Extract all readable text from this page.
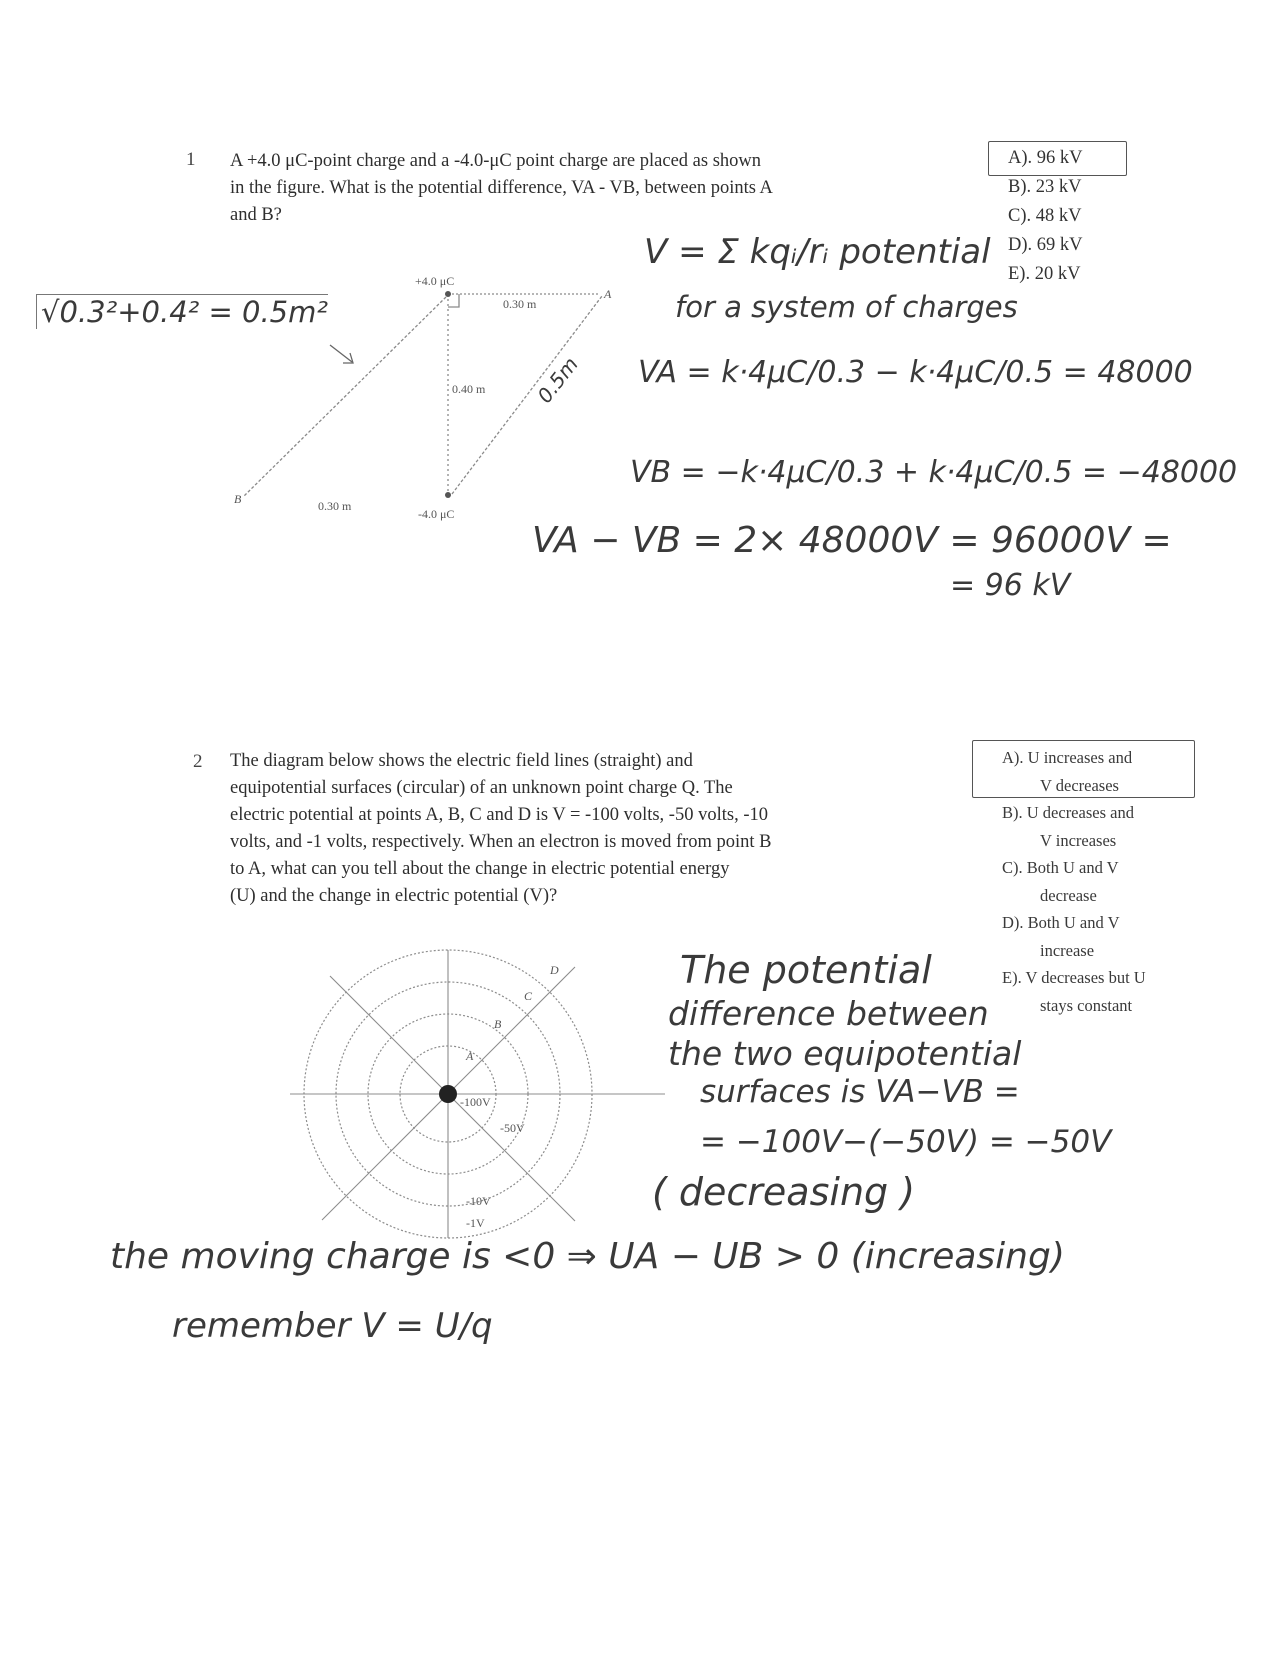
1 A +4.0 μC-point charge and a -4.0-μC point charge are placed as shown
in the figure. What is the potential difference, VA - VB, between points A
and B?
A). 96 kV
B). 23 kV
C). 48 kV
D). 69 kV
E). 20 kV
+4.0 μC
-4.0 μC
A
B
0.30 m
0.40 m
0.30 m
√0.3²+0.4² = 0.5m²
0.5m
V = Σ kqᵢ/rᵢ potential
for a system of charges
VA = k·4μC/0.3 − k·4μC/0.5 = 48000
VB = −k·4μC/0.3 + k·4μC/0.5 = −48000
VA − VB = 2× 48000V = 96000V =
= 96 kV
2 The diagram below shows the electric field lines (straight) and
equipotential surfaces (circular) of an unknown point charge Q. The
electric potential at points A, B, C and D is V = -100 volts, -50 volts, -10
volts, and -1 volts, respectively. When an electron is moved from point B
to A, what can you tell about the change in electric potential energy
(U) and the change in electric potential (V)?
A). U increases and
V decreases
B). U decreases and
V increases
C). Both U and V
decrease
D). Both U and V
increase
E). V decreases but U
stays constant
A
B
C
D
-100V
-50V
-10V
-1V
The potential
difference between
the two equipotential
surfaces is VA−VB =
= −100V−(−50V) = −50V
( decreasing )
the moving charge is <0 ⇒ UA − UB > 0 (increasing)
remember V = U/q
